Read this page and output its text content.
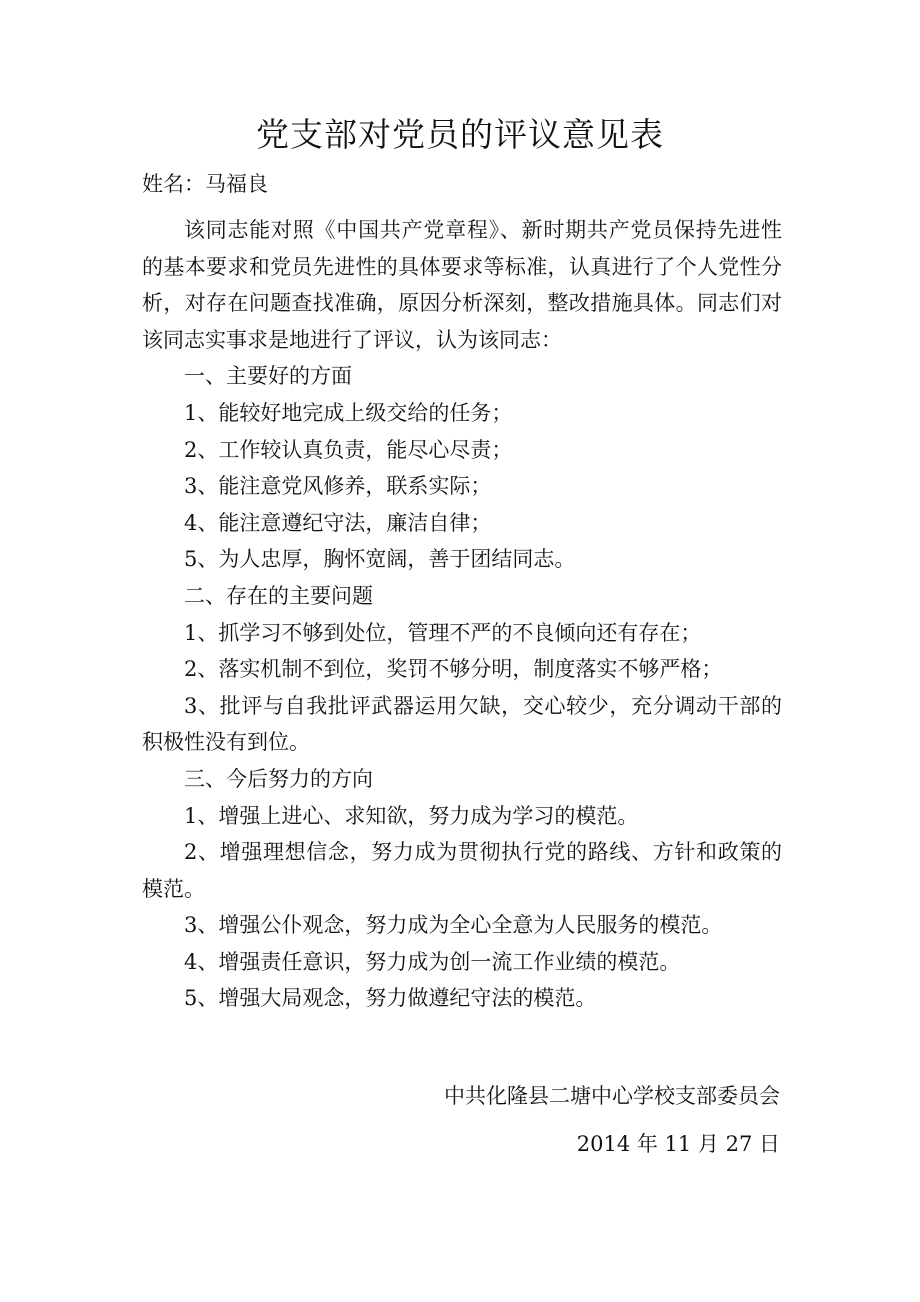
党支部对党员的评议意见表
姓名：马福良

该同志能对照《中国共产党章程》、新时期共产党员保持先进性的基本要求和党员先进性的具体要求等标准，认真进行了个人党性分析，对存在问题查找准确，原因分析深刻，整改措施具体。同志们对该同志实事求是地进行了评议，认为该同志：

一、主要好的方面

1、能较好地完成上级交给的任务；

2、工作较认真负责，能尽心尽责；

3、能注意党风修养，联系实际；

4、能注意遵纪守法，廉洁自律；

5、为人忠厚，胸怀宽阔，善于团结同志。

二、存在的主要问题

1、抓学习不够到处位，管理不严的不良倾向还有存在；

2、落实机制不到位，奖罚不够分明，制度落实不够严格；

3、批评与自我批评武器运用欠缺，交心较少，充分调动干部的积极性没有到位。

三、今后努力的方向

1、增强上进心、求知欲，努力成为学习的模范。

2、增强理想信念，努力成为贯彻执行党的路线、方针和政策的模范。

3、增强公仆观念，努力成为全心全意为人民服务的模范。

4、增强责任意识，努力成为创一流工作业绩的模范。

5、增强大局观念，努力做遵纪守法的模范。

中共化隆县二塘中心学校支部委员会
2014 年 11 月 27 日
